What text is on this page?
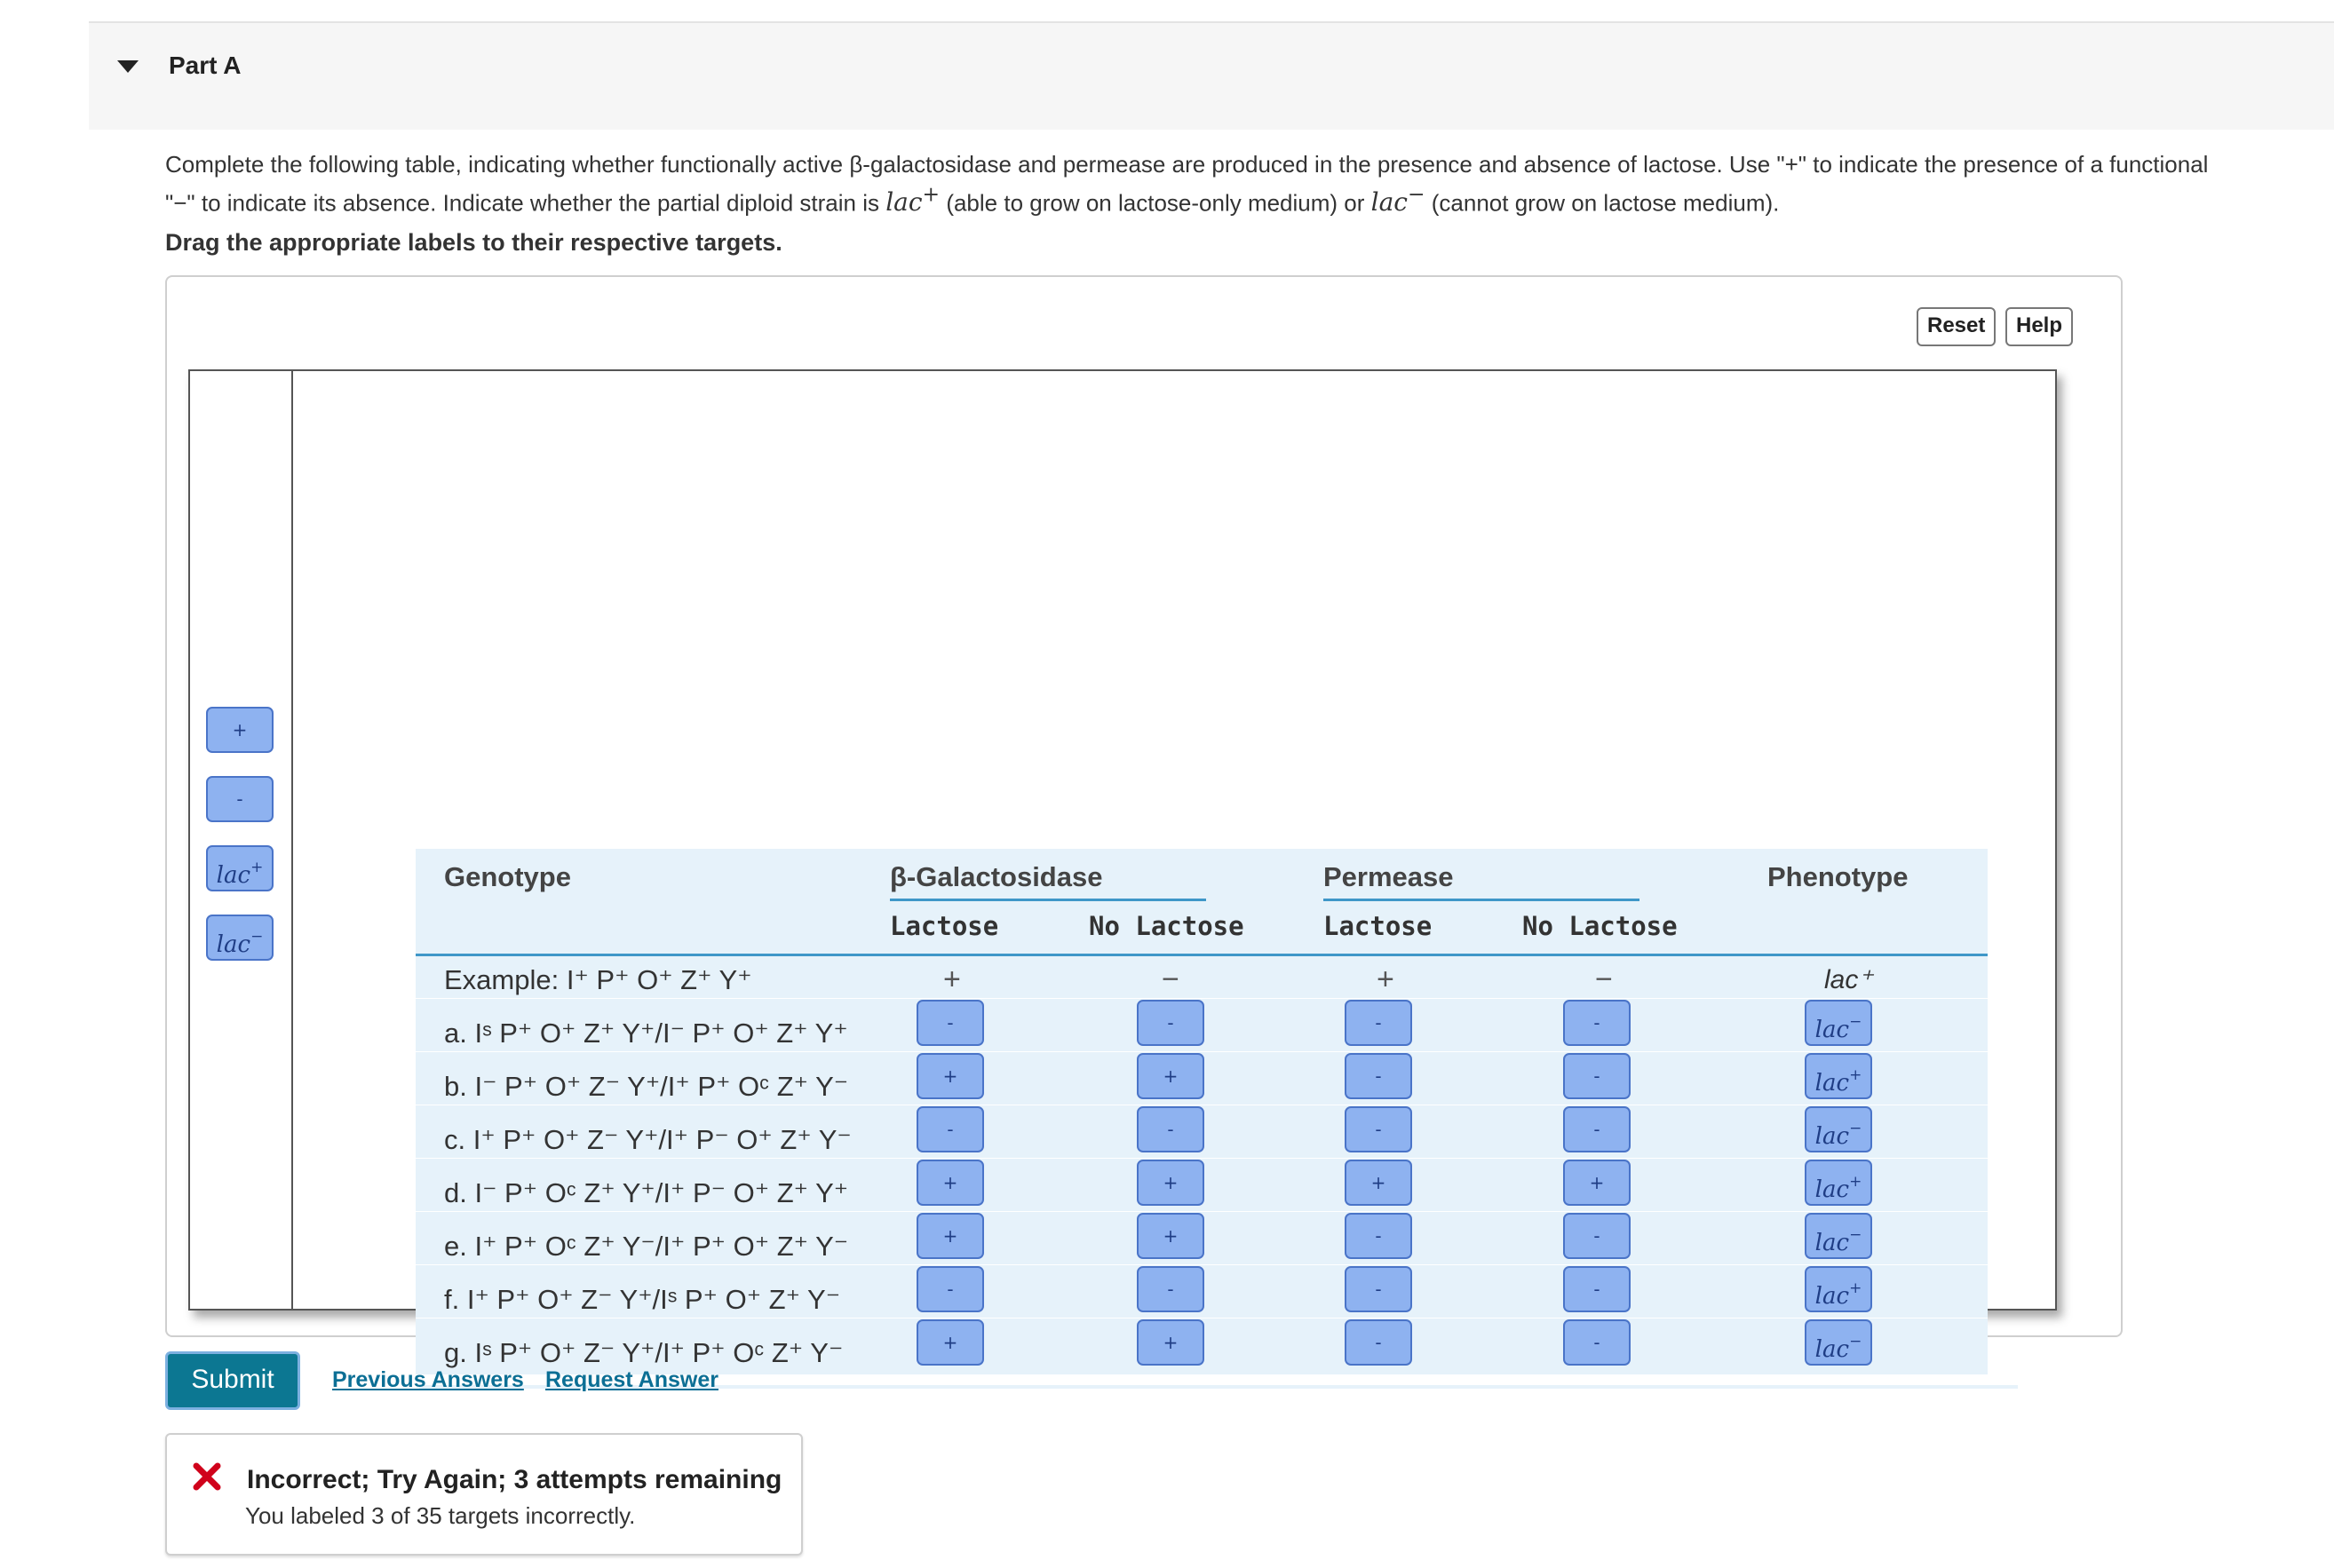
Part A
Complete the following table, indicating whether functionally active β-galactosidase and permease are produced in the presence and absence of lactose. Use "+" to indicate the presence of a functional
"−" to indicate its absence. Indicate whether the partial diploid strain is lac+ (able to grow on lactose-only medium) or lac− (cannot grow on lactose medium).
Drag the appropriate labels to their respective targets.
Reset	Help
+
-
lac+
lac−
Genotype	β-Galactosidase	Permease	Phenotype
Lactose	No Lactose	Lactose	No Lactose
Example: I⁺ P⁺ O⁺ Z⁺ Y⁺	+	−	+	−	lac⁺
a. Iˢ P⁺ O⁺ Z⁺ Y⁺/I⁻ P⁺ O⁺ Z⁺ Y⁺	-	-	-	-	lac−
b. I⁻ P⁺ O⁺ Z⁻ Y⁺/I⁺ P⁺ Oᶜ Z⁺ Y⁻	+	+	-	-	lac+
c. I⁺ P⁺ O⁺ Z⁻ Y⁺/I⁺ P⁻ O⁺ Z⁺ Y⁻	-	-	-	-	lac−
d. I⁻ P⁺ Oᶜ Z⁺ Y⁺/I⁺ P⁻ O⁺ Z⁺ Y⁺	+	+	+	+	lac+
e. I⁺ P⁺ Oᶜ Z⁺ Y⁻/I⁺ P⁺ O⁺ Z⁺ Y⁻	+	+	-	-	lac−
f. I⁺ P⁺ O⁺ Z⁻ Y⁺/Iˢ P⁺ O⁺ Z⁺ Y⁻	-	-	-	-	lac+
g. Iˢ P⁺ O⁺ Z⁻ Y⁺/I⁺ P⁺ Oᶜ Z⁺ Y⁻	+	+	-	-	lac−
Submit	Previous Answers Request Answer
Incorrect; Try Again; 3 attempts remaining
You labeled 3 of 35 targets incorrectly.
